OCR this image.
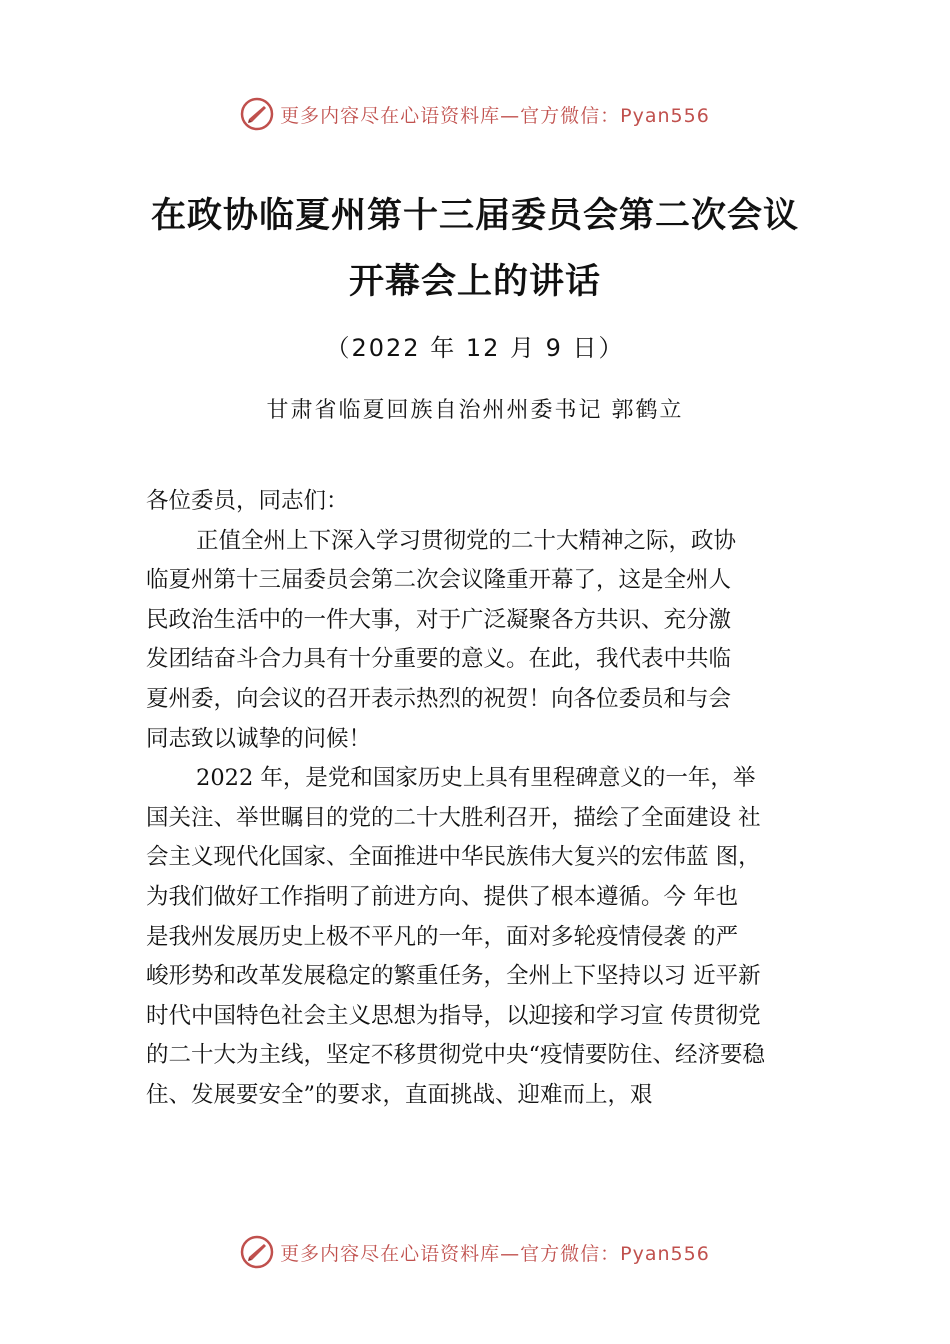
更多内容尽在心语资料库—官方微信：Pyan556
在政协临夏州第十三届委员会第二次会议
开幕会上的讲话
（2022 年 12 月 9 日）
甘肃省临夏回族自治州州委书记 郭鹤立
各位委员，同志们：
正值全州上下深入学习贯彻党的二十大精神之际，政协
临夏州第十三届委员会第二次会议隆重开幕了，这是全州人
民政治生活中的一件大事，对于广泛凝聚各方共识、充分激
发团结奋斗合力具有十分重要的意义。在此，我代表中共临
夏州委，向会议的召开表示热烈的祝贺！向各位委员和与会
同志致以诚挚的问候！
2022 年，是党和国家历史上具有里程碑意义的一年，举
国关注、举世瞩目的党的二十大胜利召开，描绘了全面建设 社
会主义现代化国家、全面推进中华民族伟大复兴的宏伟蓝 图，
为我们做好工作指明了前进方向、提供了根本遵循。今 年也
是我州发展历史上极不平凡的一年，面对多轮疫情侵袭 的严
峻形势和改革发展稳定的繁重任务，全州上下坚持以习 近平新
时代中国特色社会主义思想为指导，以迎接和学习宣 传贯彻党
的二十大为主线，坚定不移贯彻党中央“疫情要防住、经济要稳
住、发展要安全”的要求，直面挑战、迎难而上，艰
更多内容尽在心语资料库—官方微信：Pyan556
